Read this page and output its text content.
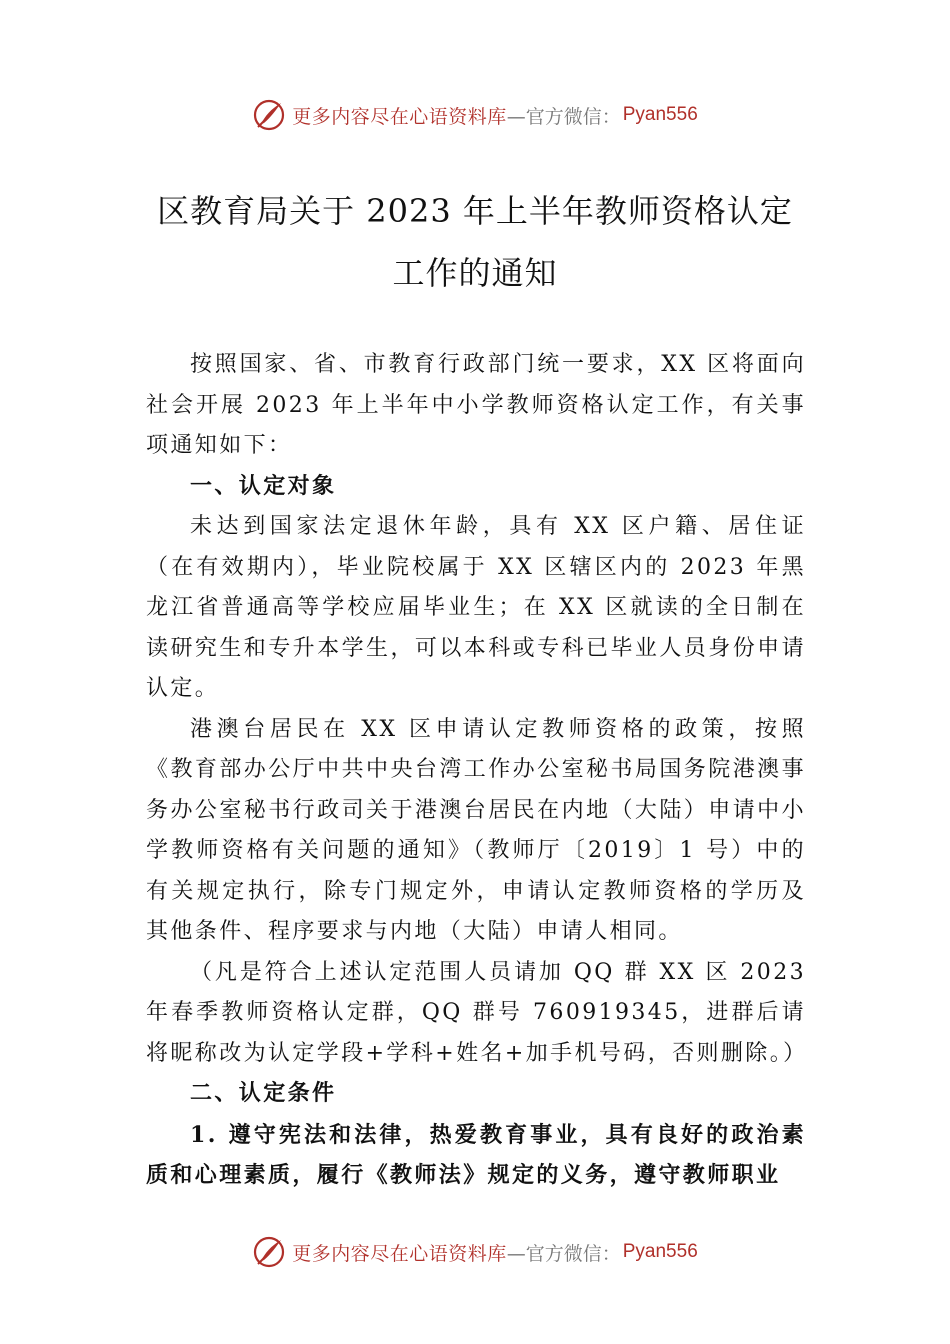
更多内容尽在心语资料库 —官方微信： Pyan556
区教育局关于 2023 年上半年教师资格认定
工作的通知

按照国家、省、市教育行政部门统一要求，XX 区将面向社会开展 2023 年上半年中小学教师资格认定工作，有关事项通知如下：

一、认定对象

未达到国家法定退休年龄，具有 XX 区户籍、居住证（在有效期内），毕业院校属于 XX 区辖区内的 2023 年黑龙江省普通高等学校应届毕业生；在 XX 区就读的全日制在读研究生和专升本学生，可以本科或专科已毕业人员身份申请认定。

港澳台居民在 XX 区申请认定教师资格的政策，按照《教育部办公厅中共中央台湾工作办公室秘书局国务院港澳事务办公室秘书行政司关于港澳台居民在内地（大陆）申请中小学教师资格有关问题的通知》（教师厅〔2019〕1 号）中的有关规定执行，除专门规定外，申请认定教师资格的学历及 其他条件、程序要求与内地（大陆）申请人相同。

（凡是符合上述认定范围人员请加 QQ 群 XX 区 2023 年春季教师资格认定群，QQ 群号 760919345，进群后请将昵称改为认定学段+学科+姓名+加手机号码，否则删除。）

二、认定条件

1. 遵守宪法和法律，热爱教育事业，具有良好的政治素质和心理素质，履行《教师法》规定的义务，遵守教师职业

更多内容尽在心语资料库 —官方微信： Pyan556
